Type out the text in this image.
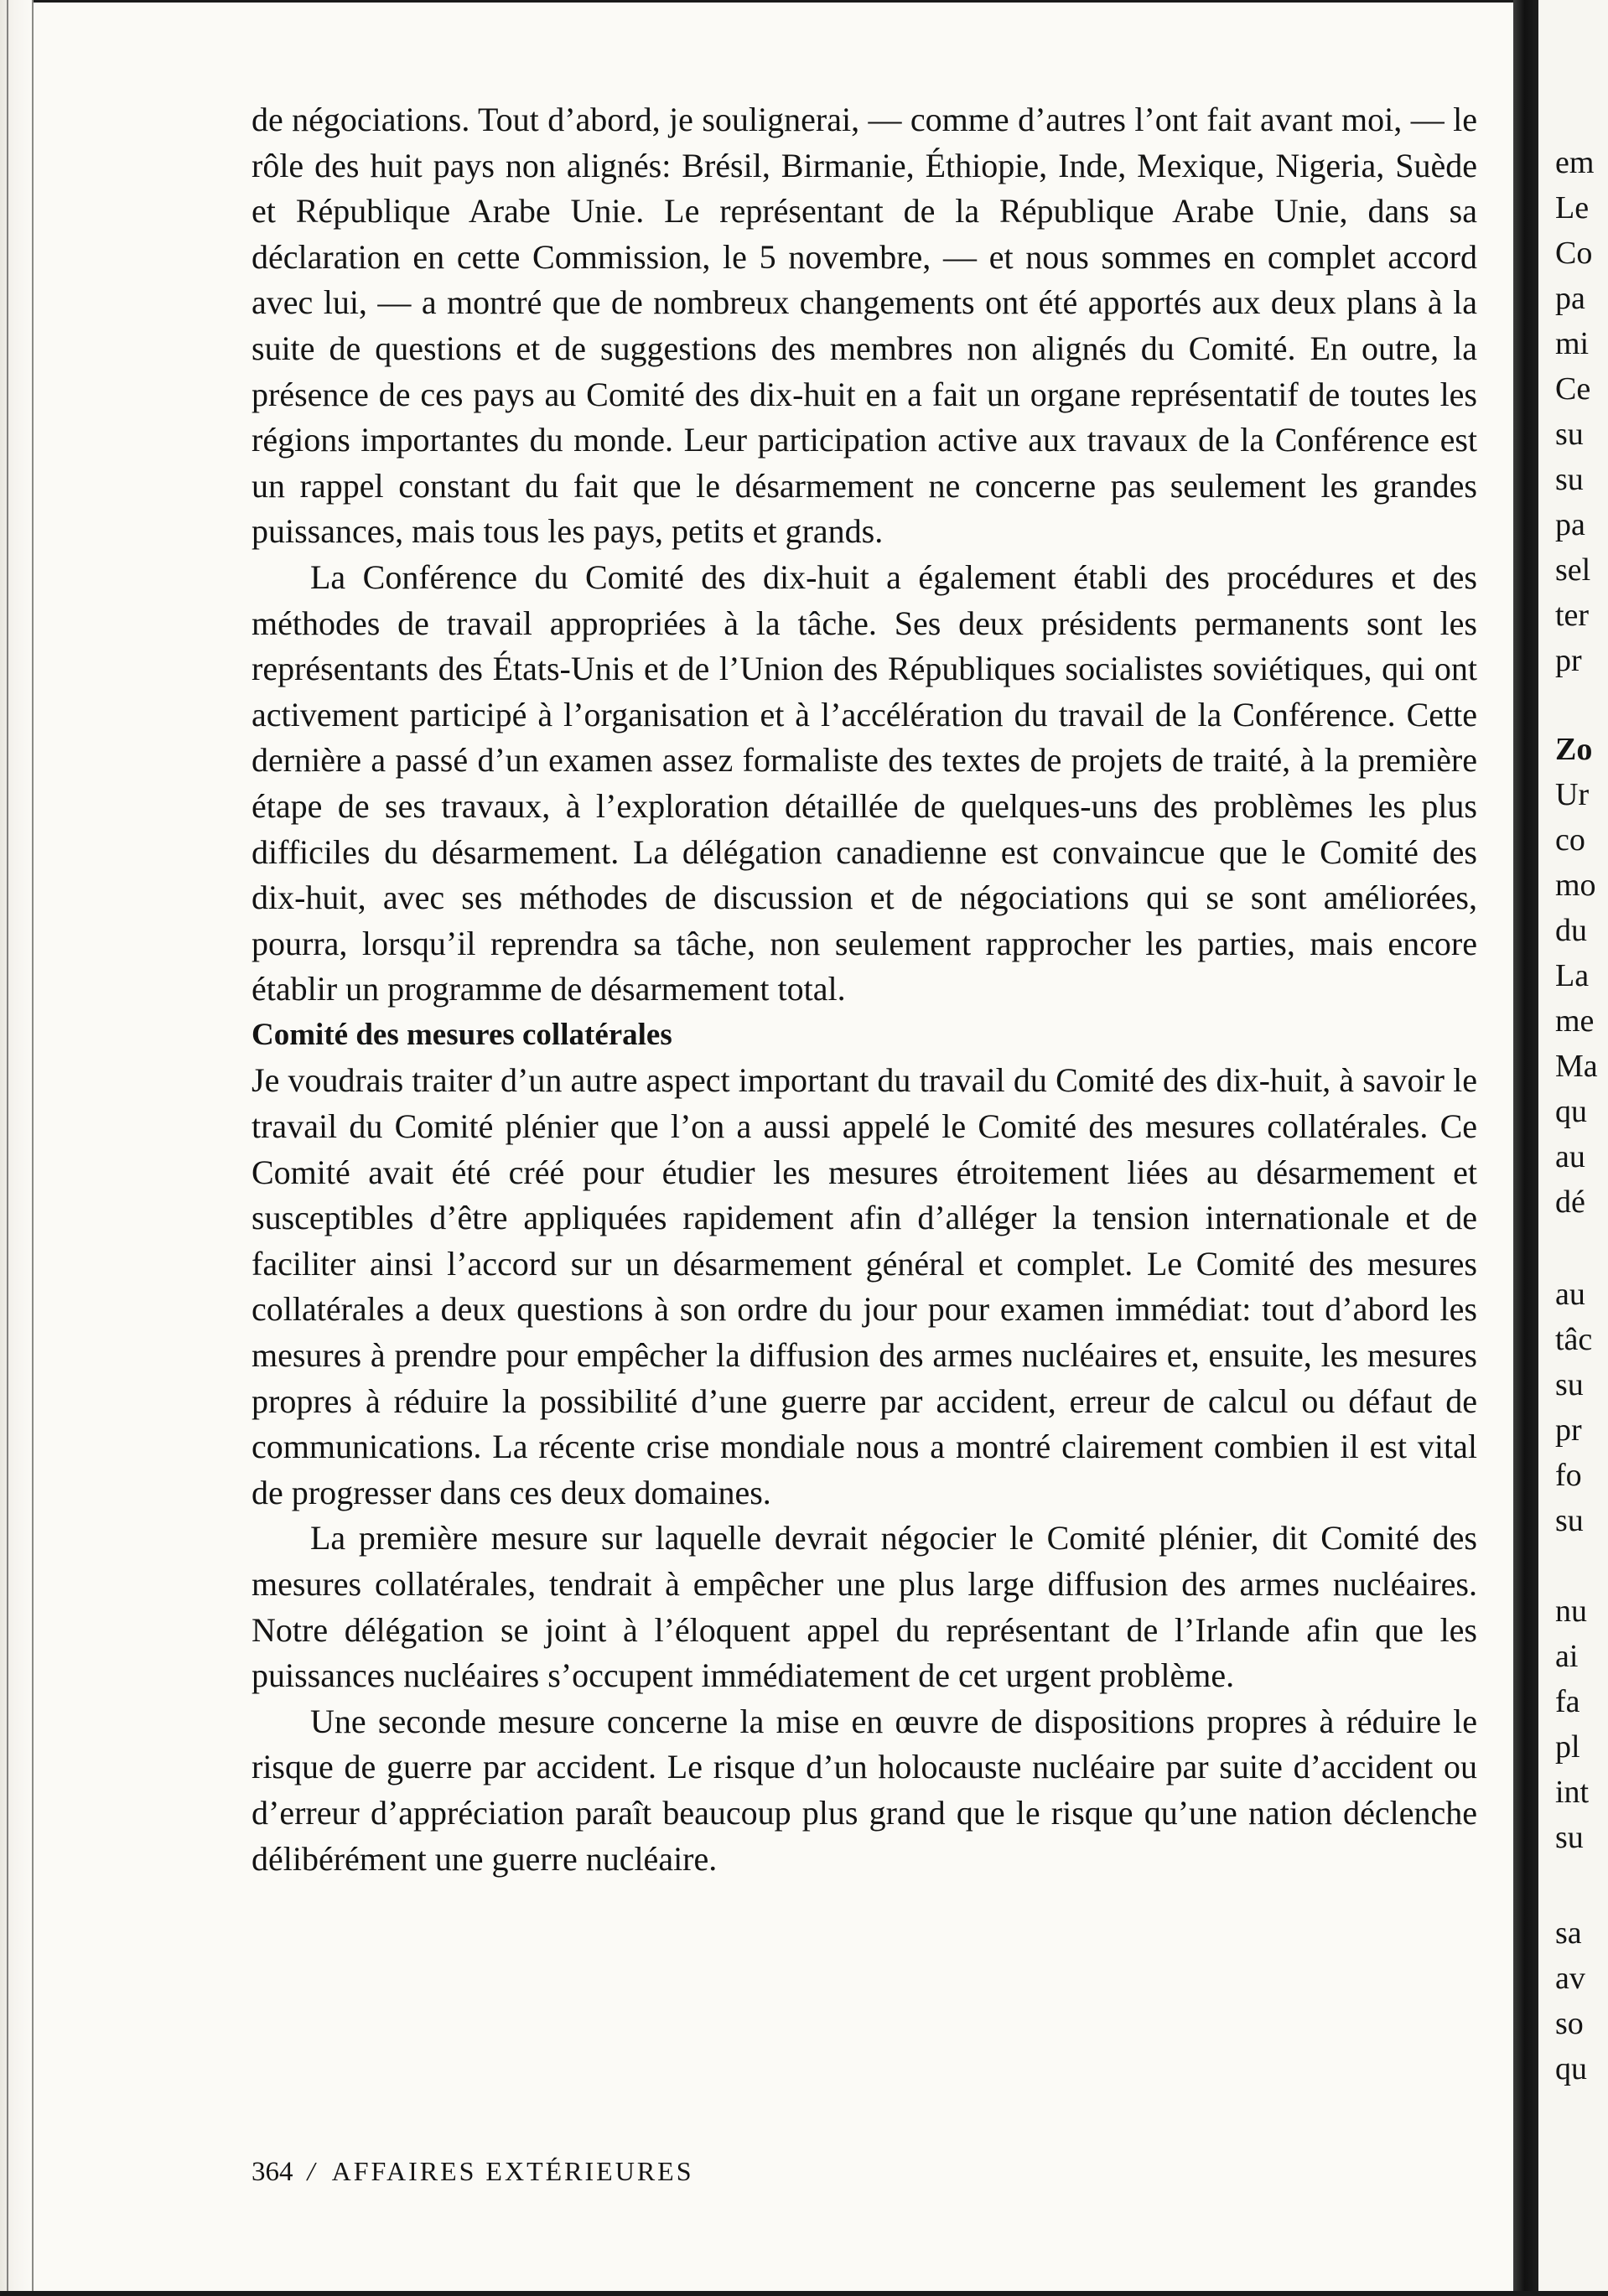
de négociations. Tout d’abord, je soulignerai, — comme d’autres l’ont fait avant moi, — le rôle des huit pays non alignés: Brésil, Birmanie, Éthiopie, Inde, Mexique, Nigeria, Suède et République Arabe Unie. Le représentant de la République Arabe Unie, dans sa déclaration en cette Commission, le 5 novembre, — et nous sommes en complet accord avec lui, — a montré que de nombreux changements ont été apportés aux deux plans à la suite de questions et de suggestions des membres non alignés du Comité. En outre, la présence de ces pays au Comité des dix-huit en a fait un organe représentatif de toutes les régions importantes du monde. Leur participation active aux travaux de la Conférence est un rappel constant du fait que le désarmement ne concerne pas seulement les grandes puissances, mais tous les pays, petits et grands.

La Conférence du Comité des dix-huit a également établi des procédures et des méthodes de travail appropriées à la tâche. Ses deux présidents permanents sont les représentants des États-Unis et de l’Union des Républiques socialistes soviétiques, qui ont activement participé à l’organisation et à l’accélération du travail de la Conférence. Cette dernière a passé d’un examen assez formaliste des textes de projets de traité, à la première étape de ses travaux, à l’exploration détaillée de quelques-uns des problèmes les plus difficiles du désarmement. La délégation canadienne est convaincue que le Comité des dix-huit, avec ses méthodes de discussion et de négociations qui se sont améliorées, pourra, lorsqu’il reprendra sa tâche, non seulement rapprocher les parties, mais encore établir un programme de désarmement total.

Comité des mesures collatérales

Je voudrais traiter d’un autre aspect important du travail du Comité des dix-huit, à savoir le travail du Comité plénier que l’on a aussi appelé le Comité des mesures collatérales. Ce Comité avait été créé pour étudier les mesures étroitement liées au désarmement et susceptibles d’être appliquées rapidement afin d’alléger la tension internationale et de faciliter ainsi l’accord sur un désarmement général et complet. Le Comité des mesures collatérales a deux questions à son ordre du jour pour examen immédiat: tout d’abord les mesures à prendre pour empêcher la diffusion des armes nucléaires et, ensuite, les mesures propres à réduire la possibilité d’une guerre par accident, erreur de calcul ou défaut de communications. La récente crise mondiale nous a montré clairement combien il est vital de progresser dans ces deux domaines.

La première mesure sur laquelle devrait négocier le Comité plénier, dit Comité des mesures collatérales, tendrait à empêcher une plus large diffusion des armes nucléaires. Notre délégation se joint à l’éloquent appel du représentant de l’Irlande afin que les puissances nucléaires s’occupent immédiatement de cet urgent problème.

Une seconde mesure concerne la mise en œuvre de dispositions propres à réduire le risque de guerre par accident. Le risque d’un holocauste nucléaire par suite d’accident ou d’erreur d’appréciation paraît beaucoup plus grand que le risque qu’une nation déclenche délibérément une guerre nucléaire.

364 / AFFAIRES EXTÉRIEURES
em
Le
Co
pa
mi
Ce
su
su
pa
sel
ter
pr
Zo
Ur
co
mo
du
La
me
Ma
qu
au
dé
au
tâc
su
pr
fo
su
nu
ai
fa
pl
int
su
sa
av
so
qu
